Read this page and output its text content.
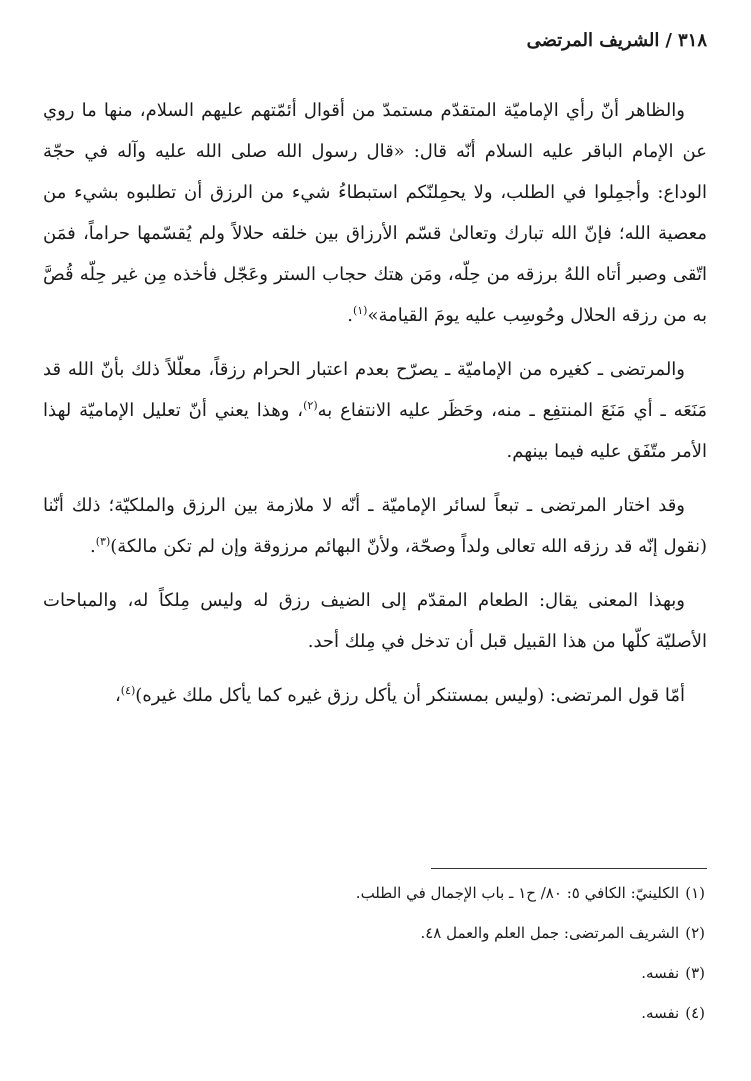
٣١٨/الشريف المرتضى

والظاهر أنّ رأي الإماميّة المتقدّم مستمدّ من أقوال أئمّتهم عليهم السلام، منها ما روي عن الإمام الباقر عليه السلام أنّه قال: «قال رسول الله صلى الله عليه وآله في حجّة الوداع: وأجمِلوا في الطلب، ولا يحمِلنّكم استبطاءُ شيء من الرزق أن تطلبوه بشيء من معصية الله؛ فإنّ الله تبارك وتعالىٰ قسّم الأرزاق بين خلقه حلالاً ولم يُقسّمها حراماً، فمَن اتّقى وصبر أتاه اللهُ برزقه من حِلّه، ومَن هتك حجاب الستر وعَجّل فأخذه مِن غير حِلّه قُصَّ به من رزقه الحلال وحُوسِب عليه يومَ القيامة»$^{(١)}$.

والمرتضى ـ كغيره من الإماميّة ـ يصرّح بعدم اعتبار الحرام رزقاً، معلّلاً ذلك بأنّ الله قد مَنَعَه ـ أي مَنَعَ المنتفِع ـ منه، وحَظَر عليه الانتفاع به$^{(٢)}$، وهذا يعني أنّ تعليل الإماميّة لهذا الأمر متّفَق عليه فيما بينهم.

وقد اختار المرتضى ـ تبعاً لسائر الإماميّة ـ أنّه لا ملازمة بين الرزق والملكيّة؛ ذلك أنّنا (نقول إنّه قد رزقه الله تعالى ولداً وصحّة، ولأنّ البهائم مرزوقة وإن لم تكن مالكة)$^{(٣)}$.

وبهذا المعنى يقال: الطعام المقدّم إلى الضيف رزق له وليس مِلكاً له، والمباحات الأصليّة كلّها من هذا القبيل قبل أن تدخل في مِلك أحد.

أمّا قول المرتضى: (وليس بمستنكر أن يأكل رزق غيره كما يأكل ملك غيره)$^{(٤)}$،

(١)الكلينيّ: الكافي ٥: ٨٠/ ح١ ـ باب الإجمال في الطلب.
(٢)الشريف المرتضى: جمل العلم والعمل ٤٨.
(٣)نفسه.
(٤)نفسه.
